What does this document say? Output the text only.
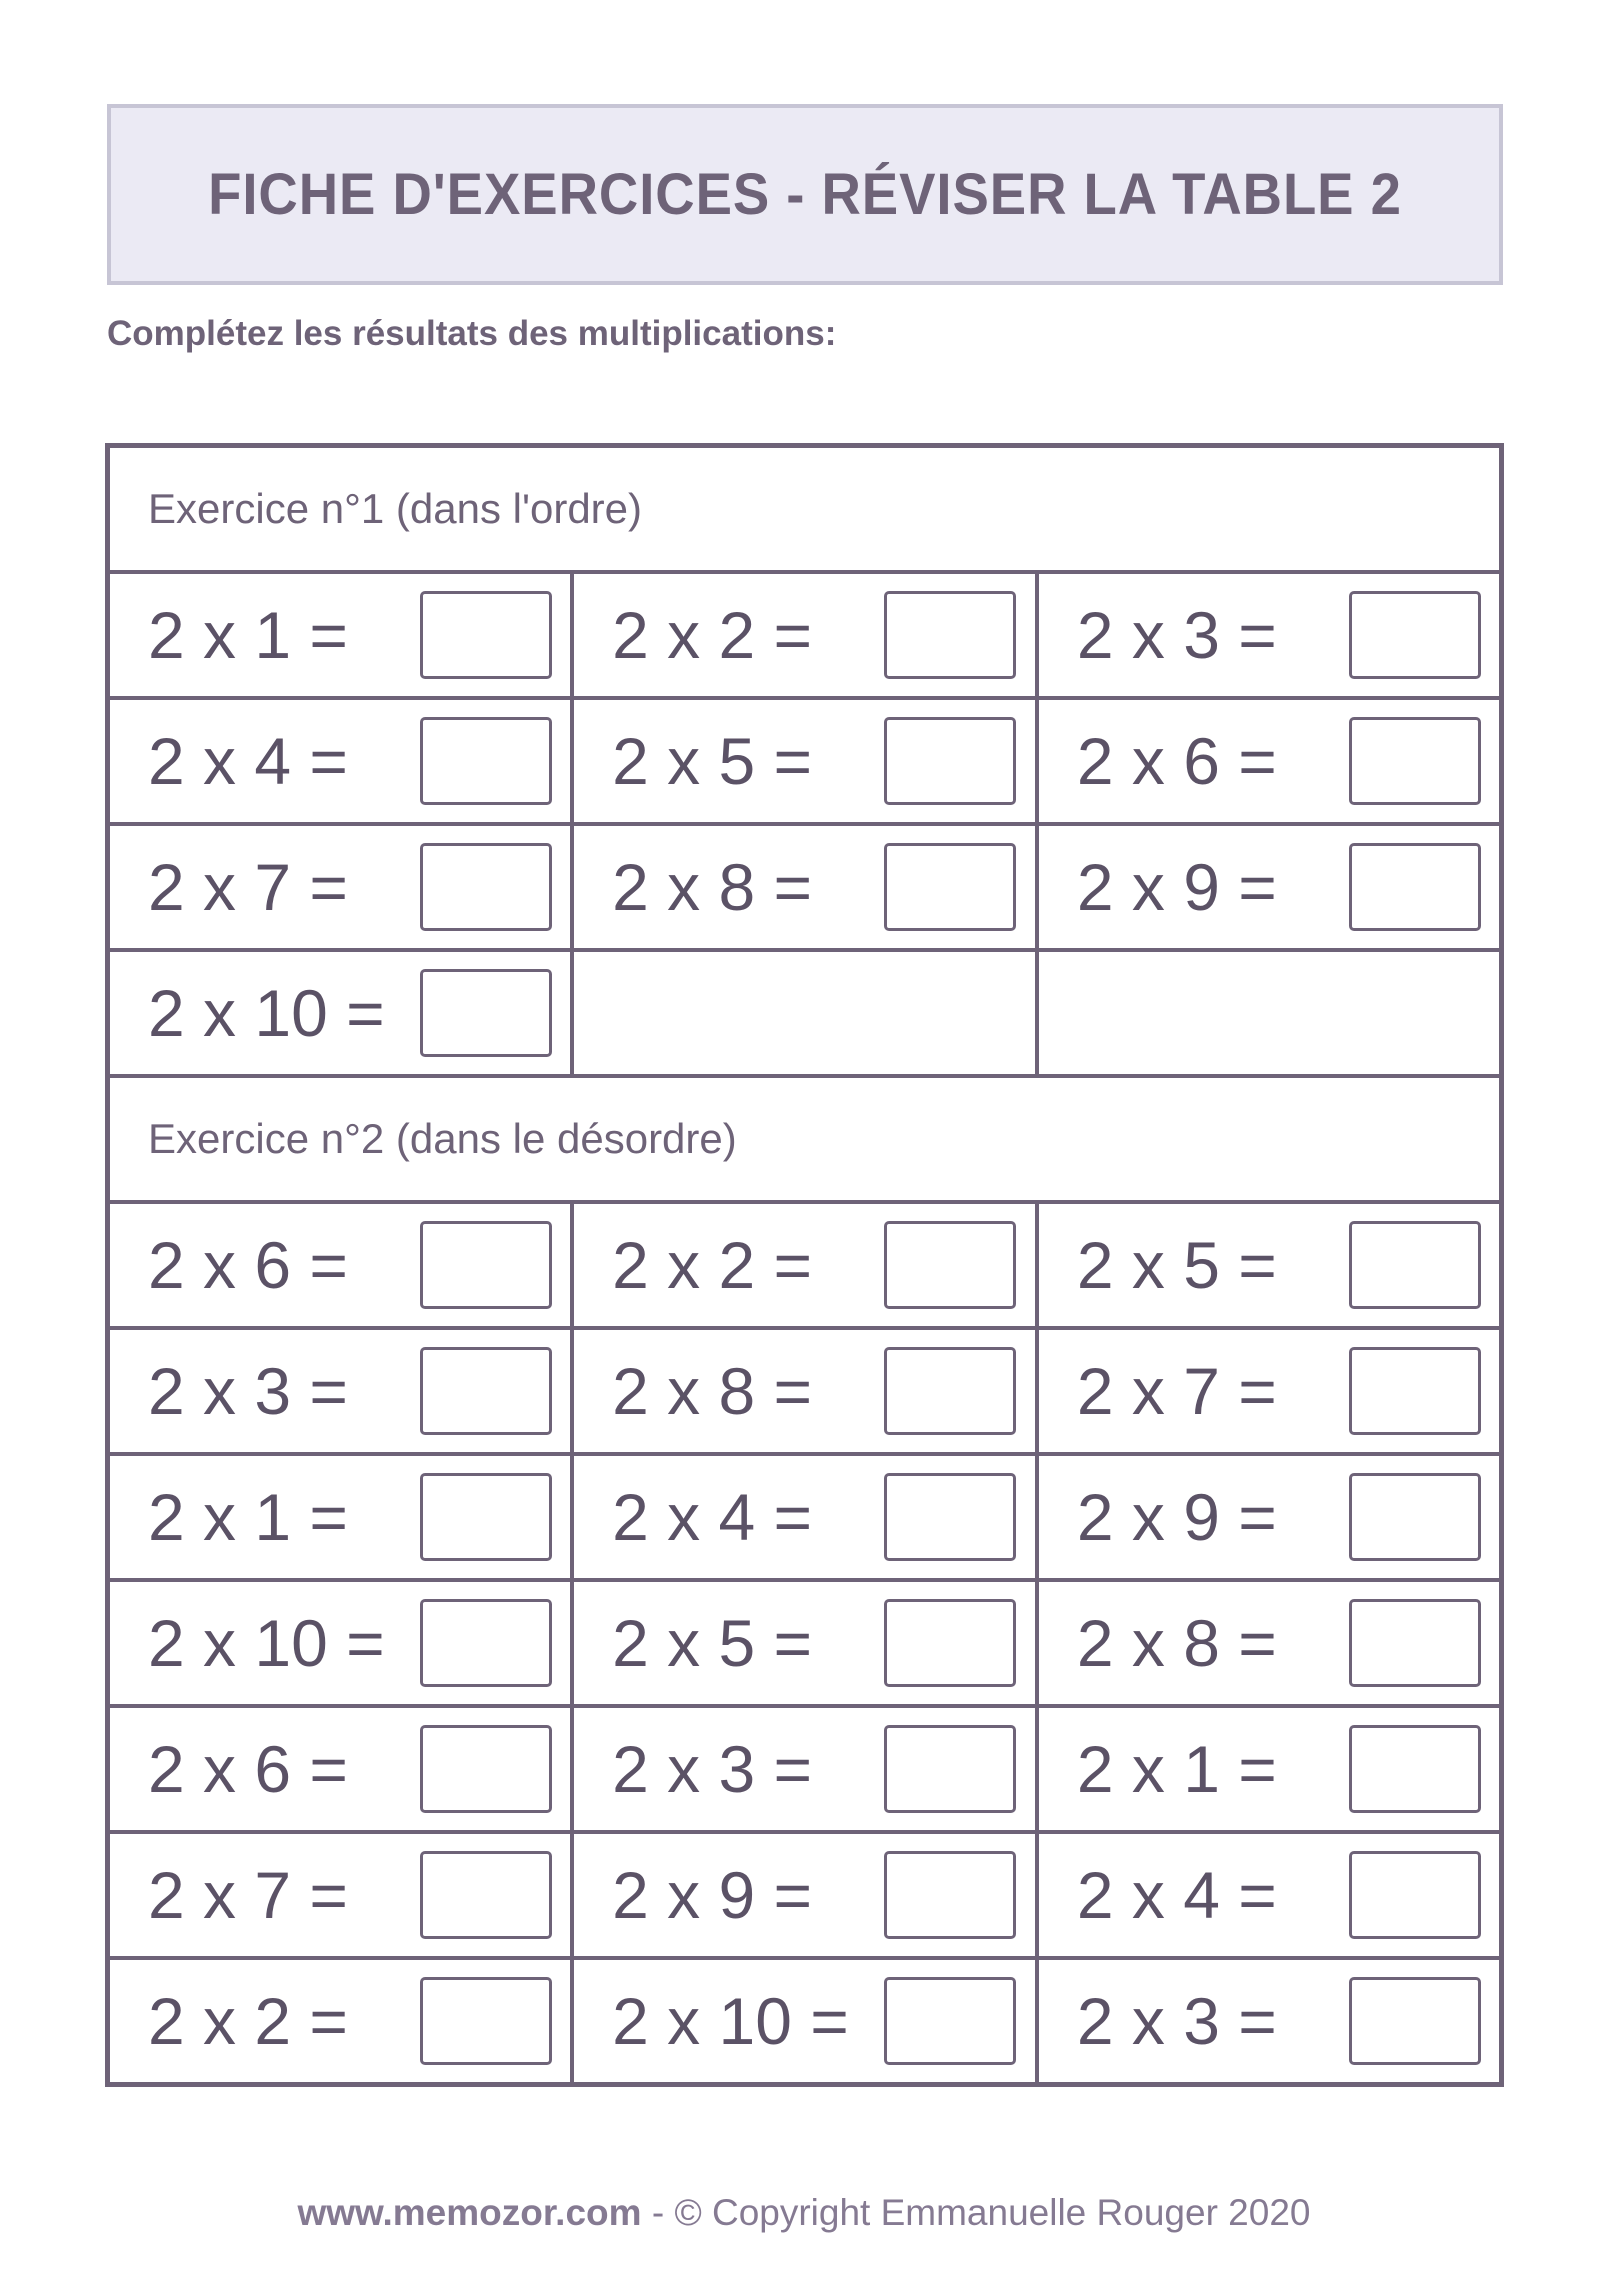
FICHE D'EXERCICES - RÉVISER LA TABLE 2
Complétez les résultats des multiplications:
Exercice n°1 (dans l'ordre)		

2 x 1 =	2 x 2 =	2 x 3 =

2 x 4 =	2 x 5 =	2 x 6 =

2 x 7 =	2 x 8 =	2 x 9 =

2 x 10 =		

Exercice n°2 (dans le désordre)		

2 x 6 =	2 x 2 =	2 x 5 =

2 x 3 =	2 x 8 =	2 x 7 =

2 x 1 =	2 x 4 =	2 x 9 =

2 x 10 =	2 x 5 =	2 x 8 =

2 x 6 =	2 x 3 =	2 x 1 =

2 x 7 =	2 x 9 =	2 x 4 =

2 x 2 =	2 x 10 =	2 x 3 =
www.memozor.com - © Copyright Emmanuelle Rouger 2020
